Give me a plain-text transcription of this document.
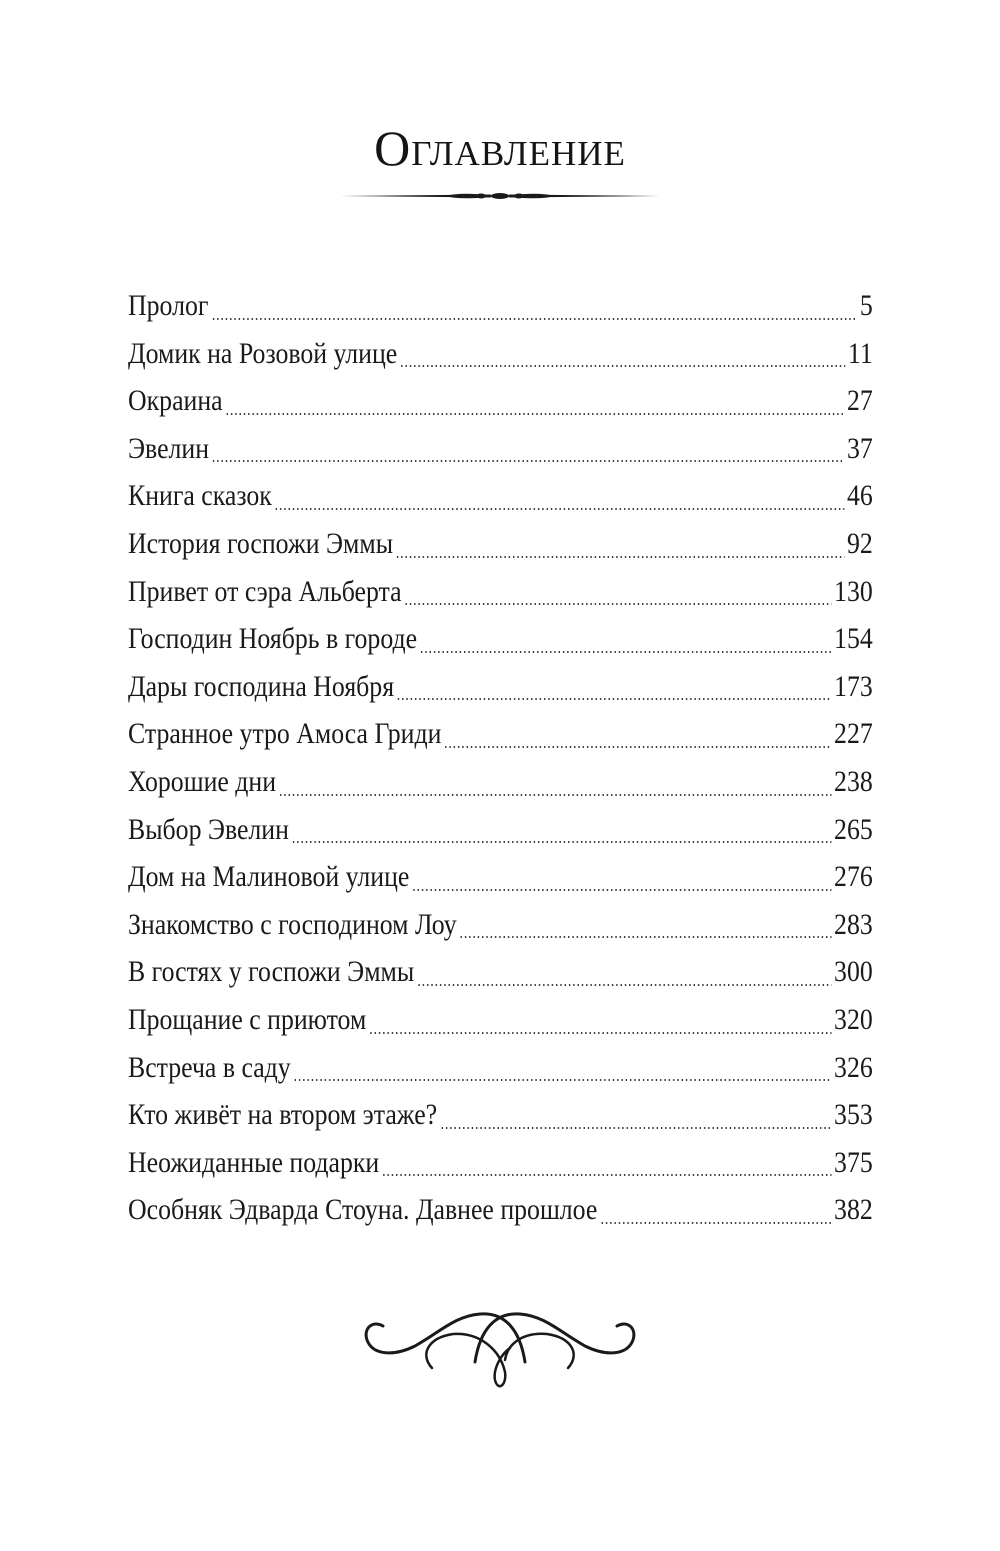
Оглавление
Пролог	5
Домик на Розовой улице	11
Окраина	27
Эвелин	37
Книга сказок	46
История госпожи Эммы	92
Привет от сэра Альберта	130
Господин Ноябрь в городе	154
Дары господина Ноября	173
Странное утро Амоса Гриди	227
Хорошие дни	238
Выбор Эвелин	265
Дом на Малиновой улице	276
Знакомство с господином Лоу	283
В гостях у госпожи Эммы	300
Прощание с приютом	320
Встреча в саду	326
Кто живёт на втором этаже?	353
Неожиданные подарки	375
Особняк Эдварда Стоуна. Давнее прошлое	382
